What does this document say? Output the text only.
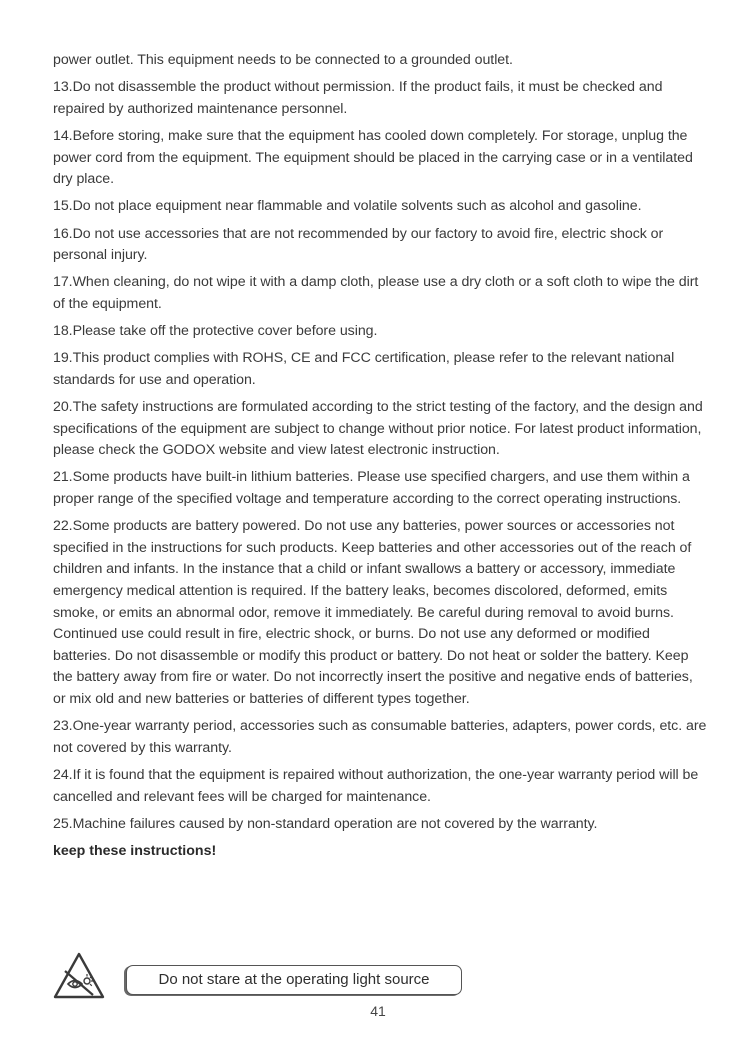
power outlet. This equipment needs to be connected to a grounded outlet.

13.Do not disassemble the product without permission. If the product fails, it must be checked and repaired by authorized maintenance personnel.

14.Before storing, make sure that the equipment has cooled down completely. For storage, unplug the power cord from the equipment. The equipment should be placed in the carrying case or in a ventilated dry place.

15.Do not place equipment near flammable and volatile solvents such as alcohol and gasoline.

16.Do not use accessories that are not recommended by our factory to avoid fire, electric shock or personal injury.

17.When cleaning, do not wipe it with a damp cloth, please use a dry cloth or a soft cloth to wipe the dirt of the equipment.

18.Please take off the protective cover before using.

19.This product complies with ROHS, CE and FCC certification, please refer to the relevant national standards for use and operation.

20.The safety instructions are formulated according to the strict testing of the factory, and the design and specifications of the equipment are subject to change without prior notice. For latest product information, please check the GODOX website and view latest electronic instruction.

21.Some products have built-in lithium batteries. Please use specified chargers, and use them within a proper range of the specified voltage and temperature according to the correct operating instructions.

22.Some products are battery powered. Do not use any batteries, power sources or accessories not specified in the instructions for such products. Keep batteries and other accessories out of the reach of children and infants. In the instance that a child or infant swallows a battery or accessory, immediate emergency medical attention is required. If the battery leaks, becomes discolored, deformed, emits smoke, or emits an abnormal odor, remove it immediately. Be careful during removal to avoid burns. Continued use could result in fire, electric shock, or burns. Do not use any deformed or modified batteries. Do not disassemble or modify this product or battery. Do not heat or solder the battery. Keep the battery away from fire or water. Do not incorrectly insert the positive and negative ends of batteries, or mix old and new batteries or batteries of different types together.

23.One-year warranty period, accessories such as consumable batteries, adapters, power cords, etc. are not covered by this warranty.

24.If it is found that the equipment is repaired without authorization, the one-year warranty period will be cancelled and relevant fees will be charged for maintenance.

25.Machine failures caused by non-standard operation are not covered by the warranty.

keep these instructions!

Do not stare at the operating light source
41
